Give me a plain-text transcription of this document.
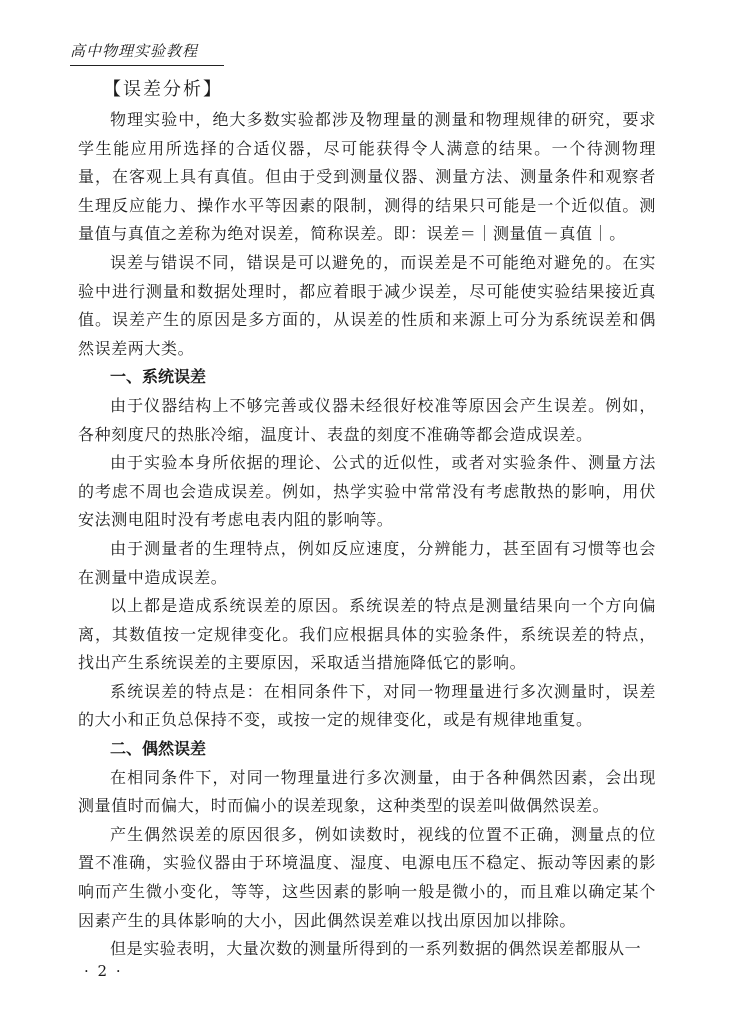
高中物理实验教程
【误差分析】

物理实验中，绝大多数实验都涉及物理量的测量和物理规律的研究，要求学生能应用所选择的合适仪器，尽可能获得令人满意的结果。一个待测物理量，在客观上具有真值。但由于受到测量仪器、测量方法、测量条件和观察者生理反应能力、操作水平等因素的限制，测得的结果只可能是一个近似值。测量值与真值之差称为绝对误差，简称误差。即：误差＝｜测量值－真值｜。

误差与错误不同，错误是可以避免的，而误差是不可能绝对避免的。在实验中进行测量和数据处理时，都应着眼于减少误差，尽可能使实验结果接近真值。误差产生的原因是多方面的，从误差的性质和来源上可分为系统误差和偶然误差两大类。

一、系统误差

由于仪器结构上不够完善或仪器未经很好校准等原因会产生误差。例如，各种刻度尺的热胀冷缩，温度计、表盘的刻度不准确等都会造成误差。

由于实验本身所依据的理论、公式的近似性，或者对实验条件、测量方法的考虑不周也会造成误差。例如，热学实验中常常没有考虑散热的影响，用伏安法测电阻时没有考虑电表内阻的影响等。

由于测量者的生理特点，例如反应速度，分辨能力，甚至固有习惯等也会在测量中造成误差。

以上都是造成系统误差的原因。系统误差的特点是测量结果向一个方向偏离，其数值按一定规律变化。我们应根据具体的实验条件，系统误差的特点，找出产生系统误差的主要原因，采取适当措施降低它的影响。

系统误差的特点是：在相同条件下，对同一物理量进行多次测量时，误差的大小和正负总保持不变，或按一定的规律变化，或是有规律地重复。

二、偶然误差

在相同条件下，对同一物理量进行多次测量，由于各种偶然因素，会出现测量值时而偏大，时而偏小的误差现象，这种类型的误差叫做偶然误差。

产生偶然误差的原因很多，例如读数时，视线的位置不正确，测量点的位置不准确，实验仪器由于环境温度、湿度、电源电压不稳定、振动等因素的影响而产生微小变化，等等，这些因素的影响一般是微小的，而且难以确定某个因素产生的具体影响的大小，因此偶然误差难以找出原因加以排除。

但是实验表明，大量次数的测量所得到的一系列数据的偶然误差都服从一

· 2 ·
